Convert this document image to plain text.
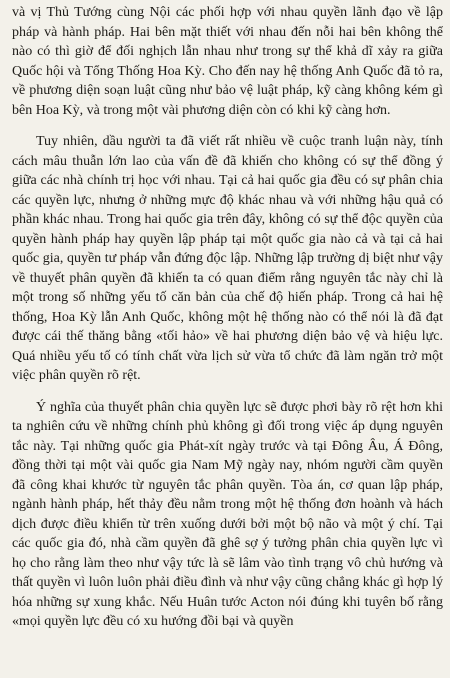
và vị Thủ Tướng cùng Nội các phối hợp với nhau quyền lãnh đạo về lập pháp và hành pháp. Hai bên mặt thiết với nhau đến nỗi hai bên không thể nào có thì giờ để đối nghịch lẫn nhau như trong sự thể khả dĩ xảy ra giữa Quốc hội và Tổng Thống Hoa Kỳ. Cho đến nay hệ thống Anh Quốc đã tỏ ra, về phương diện soạn luật cũng như bảo vệ luật pháp, kỹ càng không kém gì bên Hoa Kỳ, và trong một vài phương diện còn có khi kỹ càng hơn.

Tuy nhiên, dầu người ta đã viết rất nhiều về cuộc tranh luận này, tính cách mâu thuẫn lớn lao của vấn đề đã khiến cho không có sự thể đồng ý giữa các nhà chính trị học với nhau. Tại cả hai quốc gia đều có sự phân chia các quyền lực, nhưng ở những mực độ khác nhau và với những hậu quả có phần khác nhau. Trong hai quốc gia trên đây, không có sự thể độc quyền của quyền hành pháp hay quyền lập pháp tại một quốc gia nào cả và tại cả hai quốc gia, quyền tư pháp vẫn đứng độc lập. Những lập trường dị biệt như vậy về thuyết phân quyền đã khiến ta có quan điểm rằng nguyên tắc này chỉ là một trong số những yếu tố căn bản của chế độ hiến pháp. Trong cả hai hệ thống, Hoa Kỳ lẫn Anh Quốc, không một hệ thống nào có thể nói là đã đạt được cái thế thăng bằng «tối hảo» về hai phương diện bảo vệ và hiệu lực. Quá nhiều yếu tố có tính chất vừa lịch sử vừa tổ chức đã làm ngăn trở một việc phân quyền rõ rệt.

Ý nghĩa của thuyết phân chia quyền lực sẽ được phơi bày rõ rệt hơn khi ta nghiên cứu về những chính phủ không gì đối trong việc áp dụng nguyên tắc này. Tại những quốc gia Phát-xít ngày trước và tại Đông Âu, Á Đông, đồng thời tại một vài quốc gia Nam Mỹ ngày nay, nhóm người cầm quyền đã công khai khước từ nguyên tắc phân quyền. Tòa án, cơ quan lập pháp, ngành hành pháp, hết thảy đều nằm trong một hệ thống đơn hoành và hách dịch được điều khiển từ trên xuống dưới bởi một bộ não và một ý chí. Tại các quốc gia đó, nhà cầm quyền đã ghê sợ ý tưởng phân chia quyền lực vì họ cho rằng làm theo như vậy tức là sẽ lâm vào tình trạng vô chủ hướng và thất quyền vì luôn luôn phải điều đình và như vậy cũng chẳng khác gì hợp lý hóa những sự xung khắc. Nếu Huân tước Acton nói đúng khi tuyên bố rằng «mọi quyền lực đều có xu hướng đồi bại và quyền
